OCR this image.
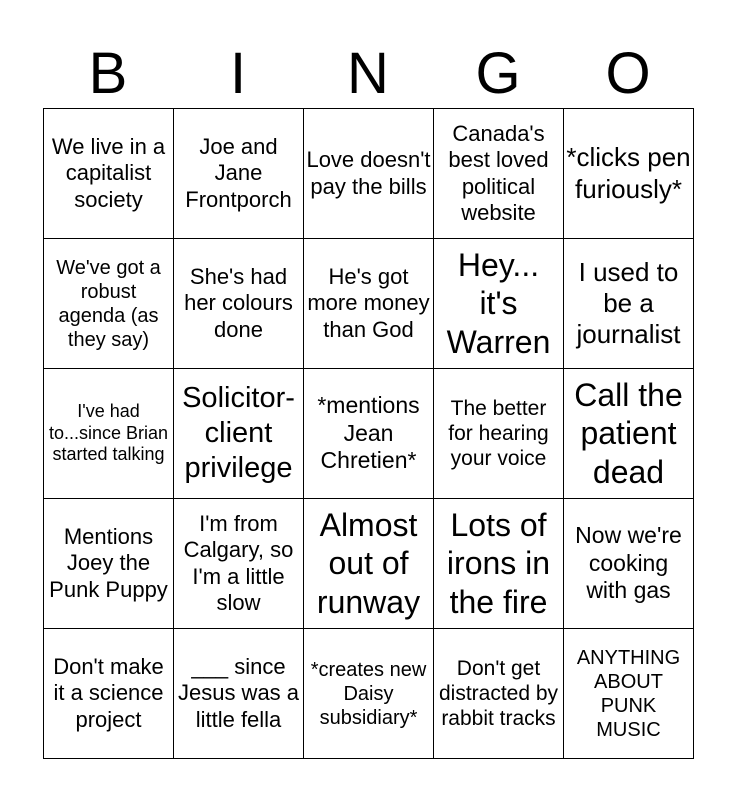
B	I	N	G	O
We live in a capitalist society	Joe and Jane Frontporch	Love doesn't pay the bills	Canada's best loved political website	*clicks pen furiously*
We've got a robust agenda (as they say)	She's had her colours done	He's got more money than God	Hey... it's Warren	I used to be a journalist
I've had to...since Brian started talking	Solicitor-client privilege	*mentions Jean Chretien*	The better for hearing your voice	Call the patient dead
Mentions Joey the Punk Puppy	I'm from Calgary, so I'm a little slow	Almost out of runway	Lots of irons in the fire	Now we're cooking with gas
Don't make it a science project	___ since Jesus was a little fella	*creates new Daisy subsidiary*	Don't get distracted by rabbit tracks	ANYTHING ABOUT PUNK MUSIC
